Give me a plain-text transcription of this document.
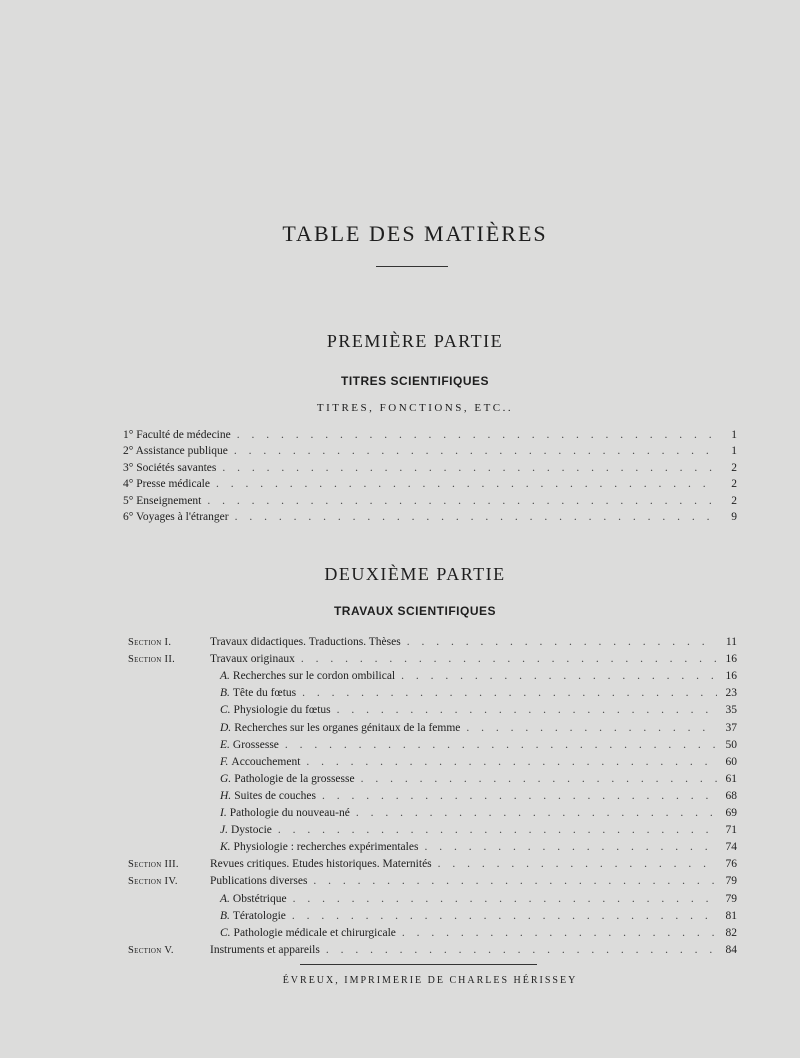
TABLE DES MATIÈRES
PREMIÈRE PARTIE
TITRES SCIENTIFIQUES
TITRES, FONCTIONS, ETC..
1° Faculté de médecine . . .	1
2° Assistance publique . . .	1
3° Sociétés savantes . . .	2
4° Presse médicale . . .	2
5° Enseignement . . .	2
6° Voyages à l'étranger . . .	9
DEUXIÈME PARTIE
TRAVAUX SCIENTIFIQUES
Section I.	Travaux didactiques. Traductions. Thèses . . .	11
Section II.	Travaux originaux . . .	16
A. Recherches sur le cordon ombilical . . .	16
B. Tête du fœtus . . .	23
C. Physiologie du fœtus . . .	35
D. Recherches sur les organes génitaux de la femme . . .	37
E. Grossesse . . .	50
F. Accouchement . . .	60
G. Pathologie de la grossesse . . .	61
H. Suites de couches . . .	68
I. Pathologie du nouveau-né . . .	69
J. Dystocie . . .	71
K. Physiologie : recherches expérimentales . . .	74
Section III.	Revues critiques. Etudes historiques. Maternités . . .	76
Section IV.	Publications diverses . . .	79
A. Obstétrique . . .	79
B. Tératologie . . .	81
C. Pathologie médicale et chirurgicale . . .	82
Section V.	Instruments et appareils . . .	84
ÉVREUX, IMPRIMERIE DE CHARLES HÉRISSEY
